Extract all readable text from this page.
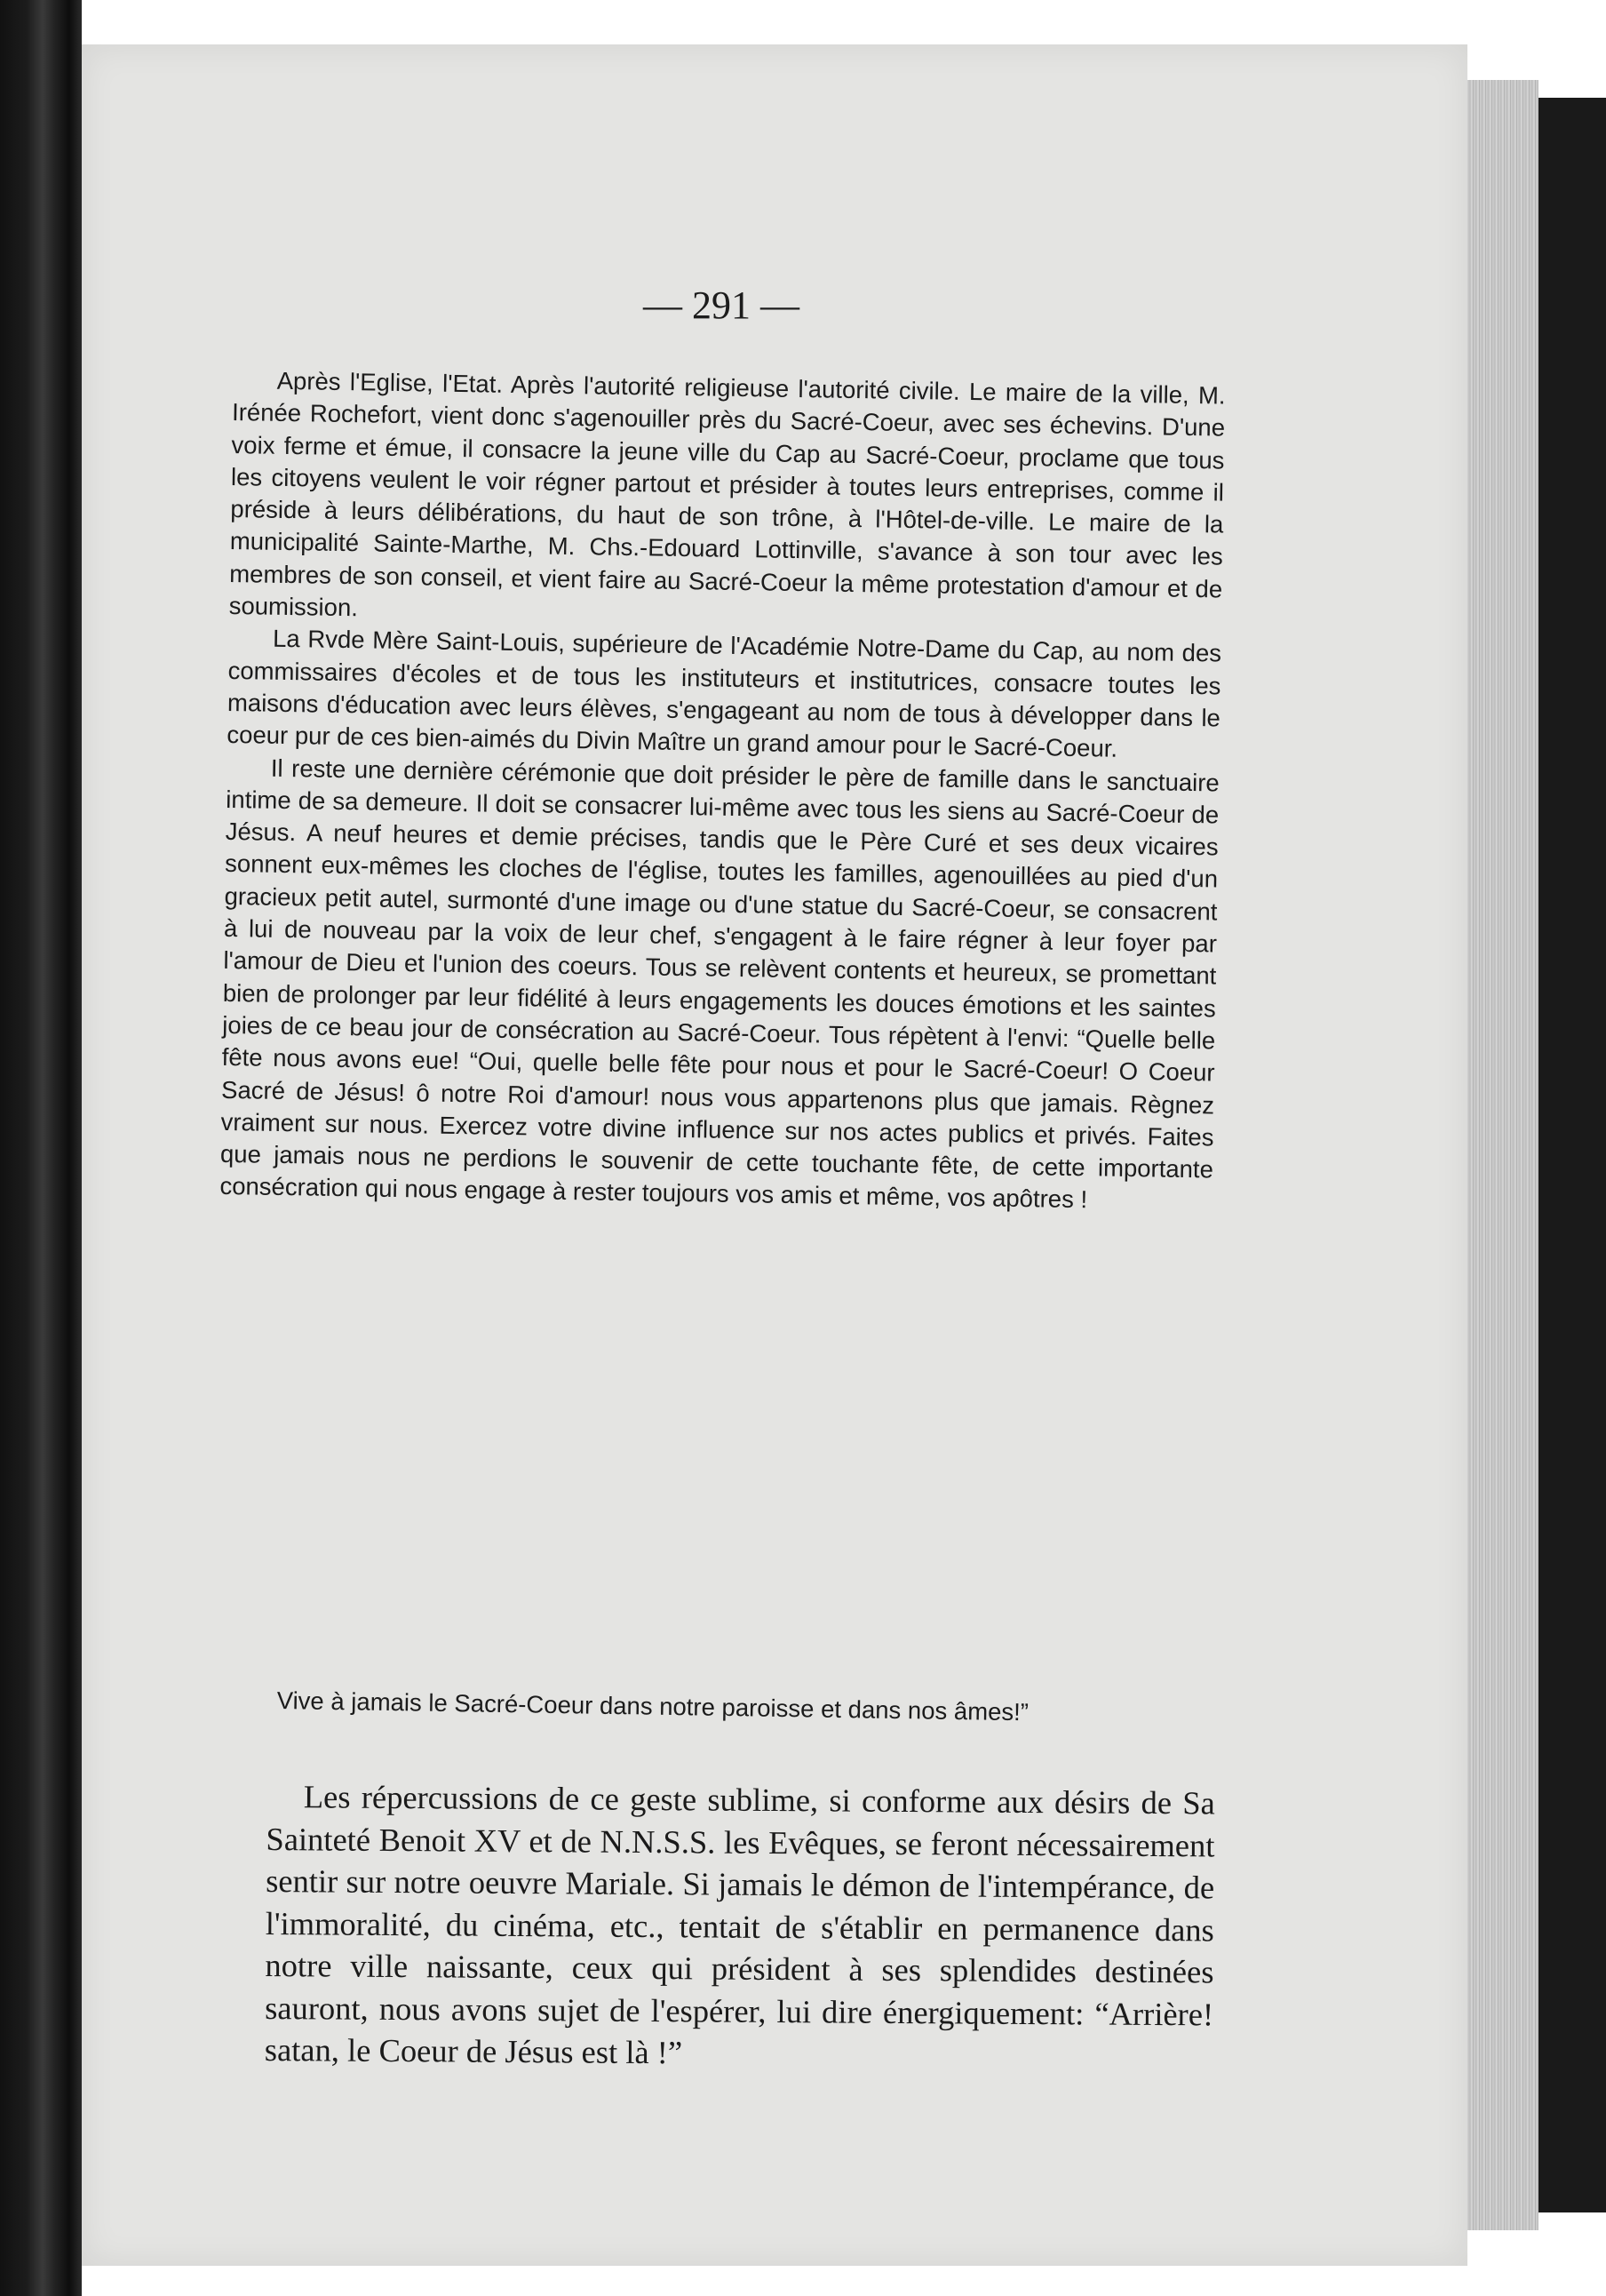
— 291 —

Après l'Eglise, l'Etat. Après l'autorité religieuse l'autorité civile. Le maire de la ville, M. Irénée Rochefort, vient donc s'agenouiller près du Sacré-Coeur, avec ses échevins. D'une voix ferme et émue, il consacre la jeune ville du Cap au Sacré-Coeur, proclame que tous les citoyens veulent le voir régner partout et présider à toutes leurs entreprises, comme il préside à leurs délibérations, du haut de son trône, à l'Hôtel-de-ville. Le maire de la municipalité Sainte-Marthe, M. Chs.-Edouard Lottinville, s'avance à son tour avec les membres de son conseil, et vient faire au Sacré-Coeur la même protestation d'amour et de soumission.

La Rvde Mère Saint-Louis, supérieure de l'Académie Notre-Dame du Cap, au nom des commissaires d'écoles et de tous les instituteurs et institutrices, consacre toutes les maisons d'éducation avec leurs élèves, s'engageant au nom de tous à développer dans le coeur pur de ces bien-aimés du Divin Maître un grand amour pour le Sacré-Coeur.

Il reste une dernière cérémonie que doit présider le père de famille dans le sanctuaire intime de sa demeure. Il doit se consacrer lui-même avec tous les siens au Sacré-Coeur de Jésus. A neuf heures et demie précises, tandis que le Père Curé et ses deux vicaires sonnent eux-mêmes les cloches de l'église, toutes les familles, agenouillées au pied d'un gracieux petit autel, surmonté d'une image ou d'une statue du Sacré-Coeur, se consacrent à lui de nouveau par la voix de leur chef, s'engagent à le faire régner à leur foyer par l'amour de Dieu et l'union des coeurs. Tous se relèvent contents et heureux, se promettant bien de prolonger par leur fidélité à leurs engagements les douces émotions et les saintes joies de ce beau jour de consécration au Sacré-Coeur. Tous répètent à l'envi: “Quelle belle fête nous avons eue! “Oui, quelle belle fête pour nous et pour le Sacré-Coeur! O Coeur Sacré de Jésus! ô notre Roi d'amour! nous vous appartenons plus que jamais. Règnez vraiment sur nous. Exercez votre divine influence sur nos actes publics et privés. Faites que jamais nous ne perdions le souvenir de cette touchante fête, de cette importante consécration qui nous engage à rester toujours vos amis et même, vos apôtres !

Vive à jamais le Sacré-Coeur dans notre paroisse et dans nos âmes!”

Les répercussions de ce geste sublime, si conforme aux désirs de Sa Sainteté Benoit XV et de N.N.S.S. les Evêques, se feront nécessairement sentir sur notre oeuvre Mariale. Si jamais le démon de l'intempérance, de l'immoralité, du cinéma, etc., tentait de s'établir en permanence dans notre ville naissante, ceux qui président à ses splendides destinées sauront, nous avons sujet de l'espérer, lui dire énergiquement: “Arrière! satan, le Coeur de Jésus est là !”
